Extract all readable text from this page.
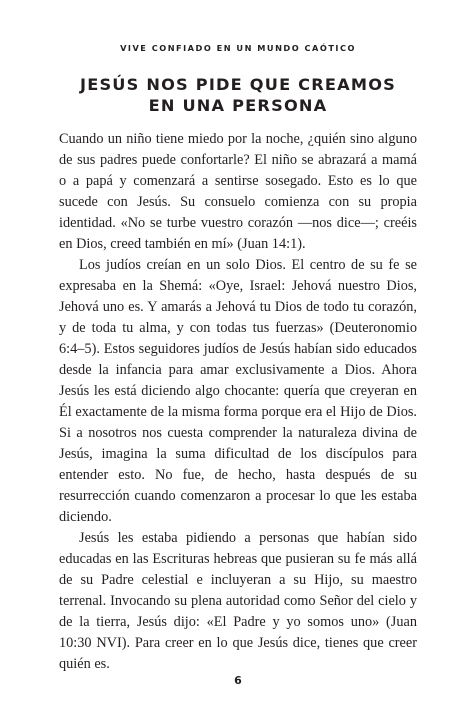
VIVE CONFIADO EN UN MUNDO CAÓTICO
JESÚS NOS PIDE QUE CREAMOS
EN UNA PERSONA

Cuando un niño tiene miedo por la noche, ¿quién sino alguno de sus padres puede confortarle? El niño se abrazará a mamá o a papá y comenzará a sentirse sosegado. Esto es lo que sucede con Jesús. Su consuelo comienza con su propia identidad. «No se turbe vuestro corazón —nos dice—; creéis en Dios, creed también en mí» (Juan 14:1).

Los judíos creían en un solo Dios. El centro de su fe se expresaba en la Shemá: «Oye, Israel: Jehová nuestro Dios, Jehová uno es. Y amarás a Jehová tu Dios de todo tu corazón, y de toda tu alma, y con todas tus fuerzas» (Deuteronomio 6:4–5). Estos seguidores judíos de Jesús habían sido educados desde la infancia para amar exclusivamente a Dios. Ahora Jesús les está diciendo algo chocante: quería que creyeran en Él exactamente de la misma forma porque era el Hijo de Dios. Si a nosotros nos cuesta comprender la naturaleza divina de Jesús, imagina la suma dificultad de los discípulos para entender esto. No fue, de hecho, hasta después de su resurrección cuando comenzaron a procesar lo que les estaba diciendo.

Jesús les estaba pidiendo a personas que habían sido educadas en las Escrituras hebreas que pusieran su fe más allá de su Padre celestial e incluyeran a su Hijo, su maestro terrenal. Invocando su plena autoridad como Señor del cielo y de la tierra, Jesús dijo: «El Padre y yo somos uno» (Juan 10:30 NVI). Para creer en lo que Jesús dice, tienes que creer quién es.

6
